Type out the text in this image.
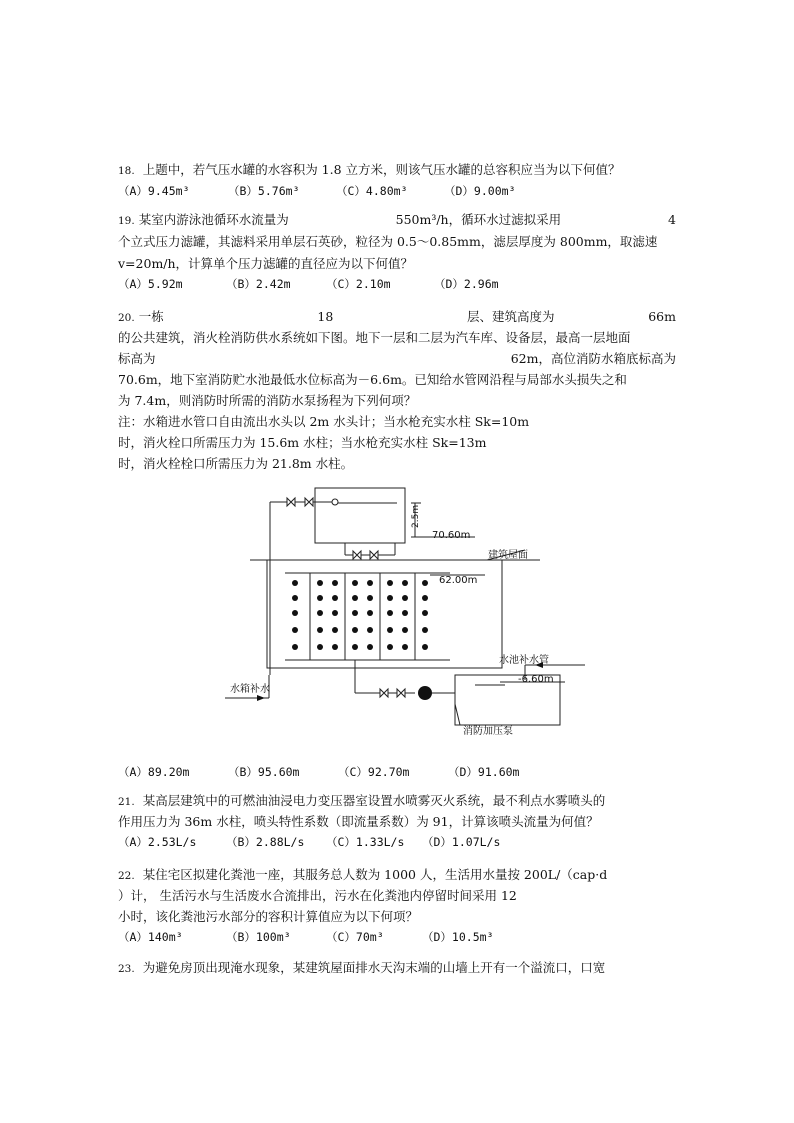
18. 上题中，若气压水罐的水容积为 1.8 立方米，则该气压水罐的总容积应当为以下何值？
（A）9.45m³	（B）5.76m³	（C）4.80m³	（D）9.00m³
19. 某室内游泳池循环水流量为	550m³/h，循环水过滤拟采用	4
个立式压力滤罐，其滤料采用单层石英砂，粒径为 0.5～0.85mm，滤层厚度为 800mm，取滤速
v=20m/h，计算单个压力滤罐的直径应为以下何值？
（A）5.92m	（B）2.42m	（C）2.10m	（D）2.96m
20. 一栋	18	层、建筑高度为	66m
的公共建筑，消火栓消防供水系统如下图。地下一层和二层为汽车库、设备层，最高一层地面
标高为	62m，高位消防水箱底标高为
70.6m，地下室消防贮水池最低水位标高为－6.6m。已知给水管网沿程与局部水头损失之和
为 7.4m，则消防时所需的消防水泵扬程为下列何项？
注：水箱进水管口自由流出水头以 2m 水头计；当水枪充实水柱 Sk=10m
时，消火栓口所需压力为 15.6m 水柱；当水枪充实水柱 Sk=13m
时，消火栓栓口所需压力为 21.8m 水柱。
2.5m
70.60m
建筑屋面
62.00m
水池补水管
-6.60m
水箱补水
消防加压泵
（A）89.20m	（B）95.60m	（C）92.70m	（D）91.60m
21. 某高层建筑中的可燃油油浸电力变压器室设置水喷雾灭火系统，最不利点水雾喷头的
作用压力为 36m 水柱，喷头特性系数（即流量系数）为 91，计算该喷头流量为何值？
（A）2.53L/s	（B）2.88L/s （C）1.33L/s （D）1.07L/s
22. 某住宅区拟建化粪池一座，其服务总人数为 1000 人，生活用水量按 200L/（cap·d
）计， 生活污水与生活废水合流排出，污水在化粪池内停留时间采用 12
小时，该化粪池污水部分的容积计算值应为以下何项？
（A）140m³	（B）100m³	（C）70m³	（D）10.5m³
23. 为避免房顶出现淹水现象，某建筑屋面排水天沟末端的山墙上开有一个溢流口，口宽
